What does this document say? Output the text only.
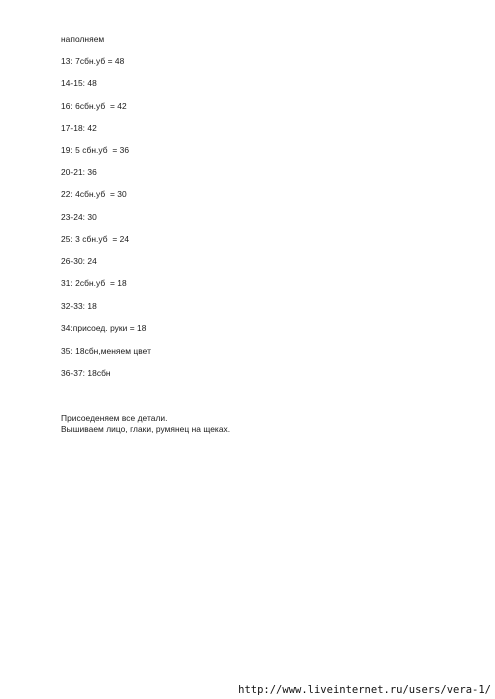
наполняем
13: 7сбн.уб = 48
14-15: 48
16: 6сбн.уб  = 42
17-18: 42
19: 5 сбн.уб  = 36
20-21: 36
22: 4сбн.уб  = 30
23-24: 30
25: 3 сбн.уб  = 24
26-30: 24
31: 2сбн.уб  = 18
32-33: 18
34:присоед. руки = 18
35: 18сбн,меняем цвет
36-37: 18сбн
Присоеденяем все детали.
Вышиваем лицо, глаки, румянец на щеках.
http://www.liveinternet.ru/users/vera-1/
